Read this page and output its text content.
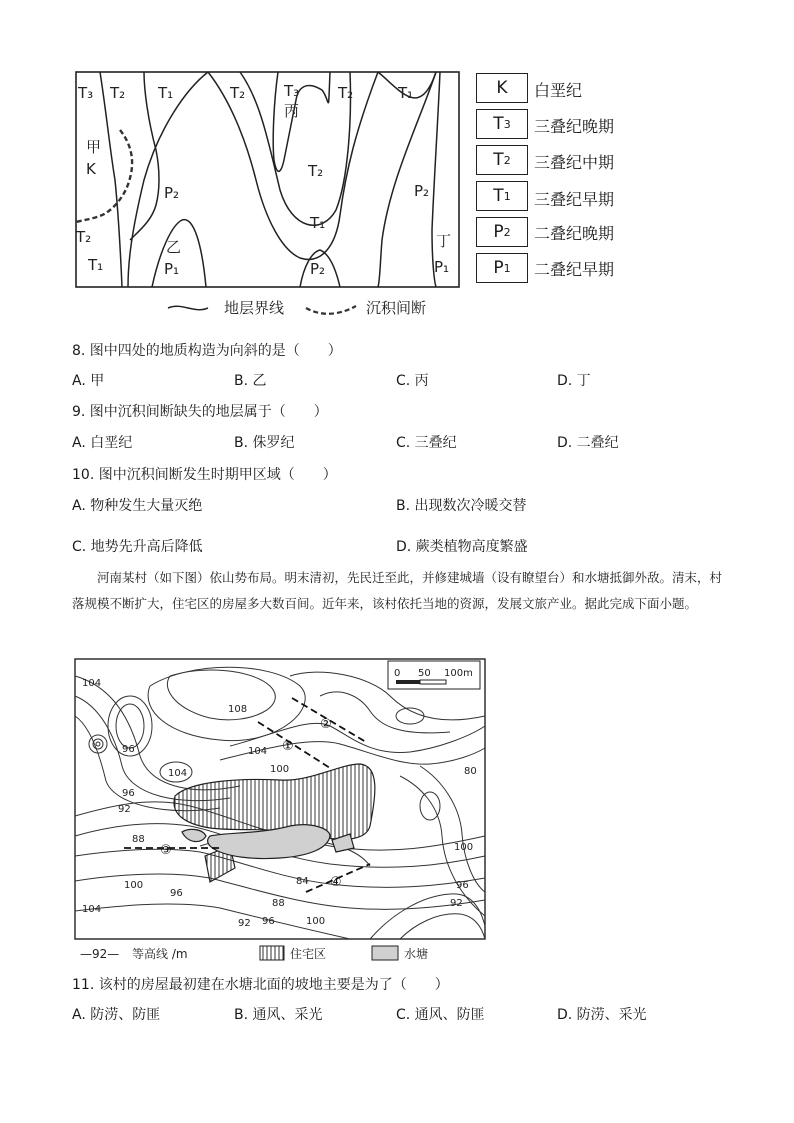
T₃ T₂ T₁	T₂	T₃
丙
T₂	T₁
甲
K
P₂
T₂
P₂
T₂
T₁
T₁
乙
P₁	P₂
丁
P₁
地层界线	沉积间断
K 白垩纪
T 3 三叠纪晚期
T 2 三叠纪中期
T 1 三叠纪早期
P 2 二叠纪晚期
P 1 二叠纪早期
8. 图中四处的地质构造为向斜的是（　　）
A. 甲	B. 乙	C. 丙	D. 丁
9. 图中沉积间断缺失的地层属于（　　）
A. 白垩纪	B. 侏罗纪	C. 三叠纪	D. 二叠纪
10. 图中沉积间断发生时期甲区域（　　）
A. 物种发生大量灭绝	B. 出现数次冷暖交替
C. 地势先升高后降低	D. 蕨类植物高度繁盛
河南某村（如下图）依山势布局。明末清初，先民迁至此，并修建城墙（设有瞭望台）和水塘抵御外敌。清末，村落规模不断扩大，住宅区的房屋多大数百间。近年来，该村依托当地的资源，发展文旅产业。据此完成下面小题。
0 50 100m
①
②
③
④
104
108
96	104
104	100
96
92
88
80
100
84
88
100
96
104
92
96
92
96	100
—92— 等高线 /m	住宅区	水塘
11. 该村的房屋最初建在水塘北面的坡地主要是为了（　　）
A. 防涝、防匪	B. 通风、采光	C. 通风、防匪	D. 防涝、采光
